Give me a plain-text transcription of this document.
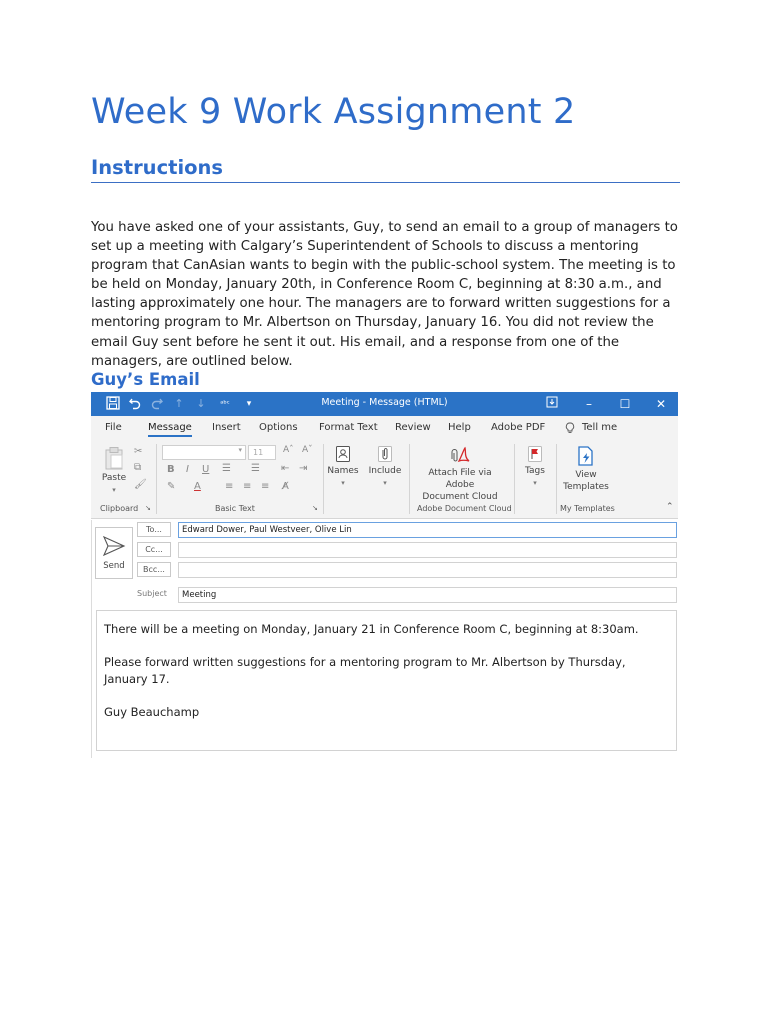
Week 9 Work Assignment 2
Instructions

You have asked one of your assistants, Guy, to send an email to a group of managers to set up a meeting with Calgary’s Superintendent of Schools to discuss a mentoring program that CanAsian wants to begin with the public-school system. The meeting is to be held on Monday, January 20th, in Conference Room C, beginning at 8:30 a.m., and lasting approximately one hour. The managers are to forward written suggestions for a mentoring program to Mr. Albertson on Thursday, January 16. You did not review the email Guy sent before he sent it out. His email, and a response from one of the managers, are outlined below.

Guy’s Email
↑	↓	ᵃᵇᶜ	▾	Meeting - Message (HTML)	–	☐	✕
File	Message Insert Options Format Text Review Help Adobe PDF	Tell me
Paste
▾
✂
⧉
🖌
Clipboard ↘
▾	11	Aˆ Aˇ
B I U ☰ ☰ ⇤ ⇥
✎ A ≡ ≡ ≡ A̸
Basic Text	↘
Names
▾
Include
▾
Attach File via Adobe
Document Cloud
Adobe Document Cloud
Tags
▾
View
Templates
My Templates	⌃
Send
To...	Edward Dower, Paul Westveer, Olive Lin
Cc...
Bcc...
Subject	Meeting

There will be a meeting on Monday, January 21 in Conference Room C, beginning at 8:30am.

Please forward written suggestions for a mentoring program to Mr. Albertson by Thursday, January 17.

Guy Beauchamp
